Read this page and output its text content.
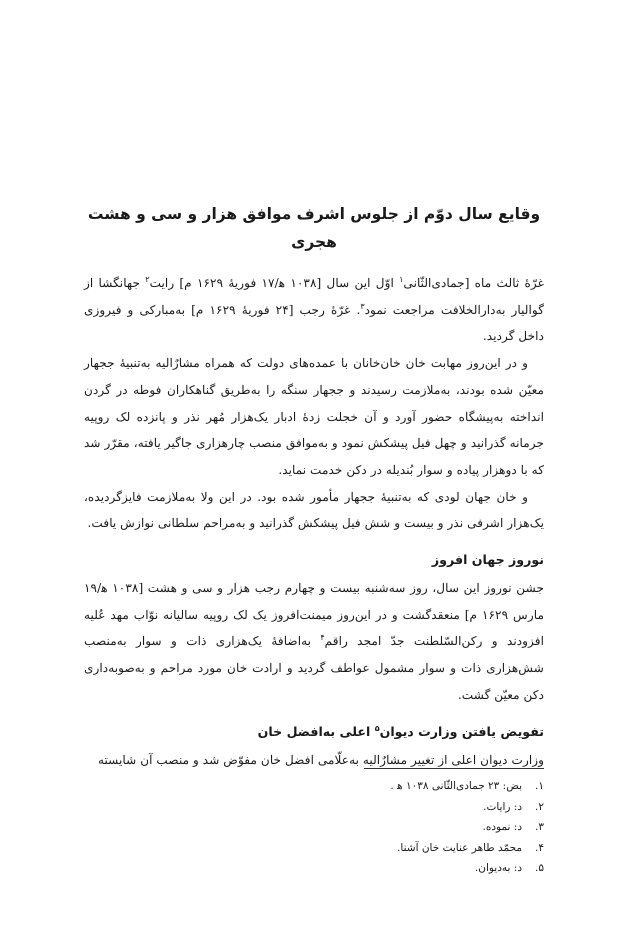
وقایع سال دوّم از جلوس اشرف موافق هزار و سی و هشت هجری

غرّهٔ ثالث ماه [جمادی‌الثّانی$^۱$ اوّل این سال [۱۰۳۸ ه‍/۱۷ فوریهٔ ۱۶۲۹ م] رایت$^۲$ جهانگشا از گوالیار به‌دارالخلافت مراجعت نمود$^۳$. غرّهٔ رجب [۲۴ فوریهٔ ۱۶۲۹ م] به‌مبارکی و فیروزی داخل گردید.

و در این‌روز مهابت خان خان‌خانان با عمده‌های دولت که همراه مشارٌالیه به‌تنبیهٔ ججهار معیّن شده بودند، به‌ملازمت رسیدند و ججهار سنگه را به‌طریق گناهکاران فوطه در گردن انداخته به‌پیشگاه حضور آورد و آن خجلت زدهٔ ادبار یک‌هزار مُهر نذر و پانزده لک روپیه جرمانه گذرانید و چهل فیل پیشکش نمود و به‌موافق منصب چارهزاری جاگیر یافته، مقرّر شد که با دوهزار پیاده و سوار بُندیله در دکن خدمت نماید.

و خان جهان لودی که به‌تنبیهٔ ججهار مأمور شده بود. در این ولا به‌ملازمت فایزگردیده، یک‌هزار اشرفی نذر و بیست و شش فیل پیشکش گذرانید و به‌مراحم سلطانی نوازش یافت.

نوروز جهان افروز

جشن نوروز این سال، روز سه‌شنبه بیست و چهارم رجب هزار و سی و هشت [۱۰۳۸ ه‍/۱۹ مارس ۱۶۲۹ م] منعقدگشت و در این‌روز میمنت‌افروز یک لک روپیه سالیانه نوّاب مهد عُلیه افزودند و رکن‌السّلطنت جدّ امجد راقم$^۴$ به‌اضافهٔ یک‌هزاری ذات و سوار به‌منصب شش‌هزاری ذات و سوار مشمول عواطف گردید و ارادت خان مورد مراحم و به‌صوبه‌داری دکن معیّن گشت.

تفویض یافتن وزارت دیوان$^۵$ اعلی به‌افضل خان

وزارت دیوان اعلی از تغییر مشارٌالیه به‌علّامی افضل خان مفوّض شد و منصب آن شایسته

۱.
بض: ۲۳ جمادی‌الثّانی ۱۰۳۸ ه‍ .
۲.
د: رایات.
۳.
د: نموده.
۴.
محمّد طاهر عنایت خان آشنا.
۵.
د: به‌دیوان.
